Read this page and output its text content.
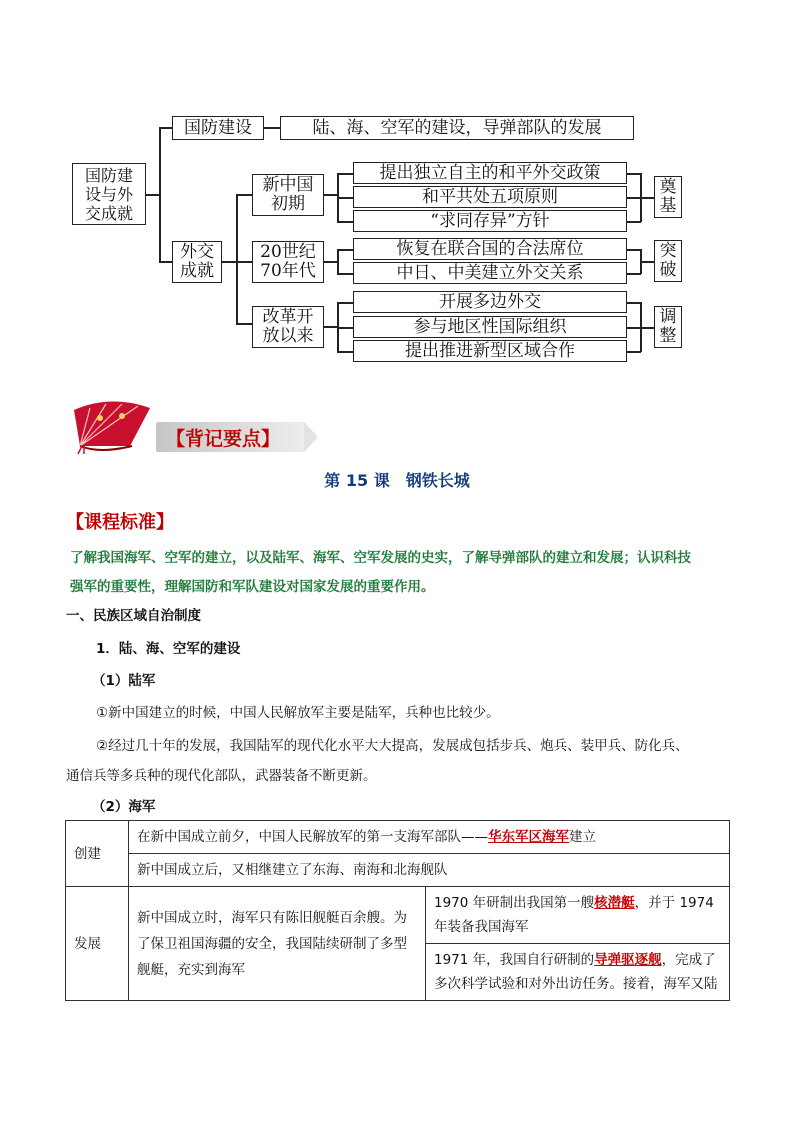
国防建
设与外
交成就
国防建设	陆、海、空军的建设，导弹部队的发展
外交
成就
新中国
初期
提出独立自主的和平外交政策
和平共处五项原则
“求同存异”方针
奠
基
20世纪
70年代
恢复在联合国的合法席位
中日、中美建立外交关系
突
破
改革开
放以来
开展多边外交
参与地区性国际组织
提出推进新型区域合作
调
整
【背记要点】
第 15 课　钢铁长城
【课程标准】
了解我国海军、空军的建立，以及陆军、海军、空军发展的史实，了解导弹部队的建立和发展；认识科技
强军的重要性，理解国防和军队建设对国家发展的重要作用。
一、民族区域自治制度
1．陆、海、空军的建设
（1）陆军
①新中国建立的时候，中国人民解放军主要是陆军，兵种也比较少。
②经过几十年的发展，我国陆军的现代化水平大大提高，发展成包括步兵、炮兵、装甲兵、防化兵、
通信兵等多兵种的现代化部队，武器装备不断更新。
（2）海军
创建	在新中国成立前夕，中国人民解放军的第一支海军部队——华东军区海军建立	
	新中国成立后，又相继建立了东海、南海和北海舰队	
发展	新中国成立时，海军只有陈旧舰艇百余艘。为了保卫祖国海疆的安全，我国陆续研制了多型舰艇，充实到海军	1970 年研制出我国第一艘核潜艇，并于 1974 年装备我国海军
		1971 年，我国自行研制的导弹驱逐舰，完成了多次科学试验和对外出访任务。接着，海军又陆
